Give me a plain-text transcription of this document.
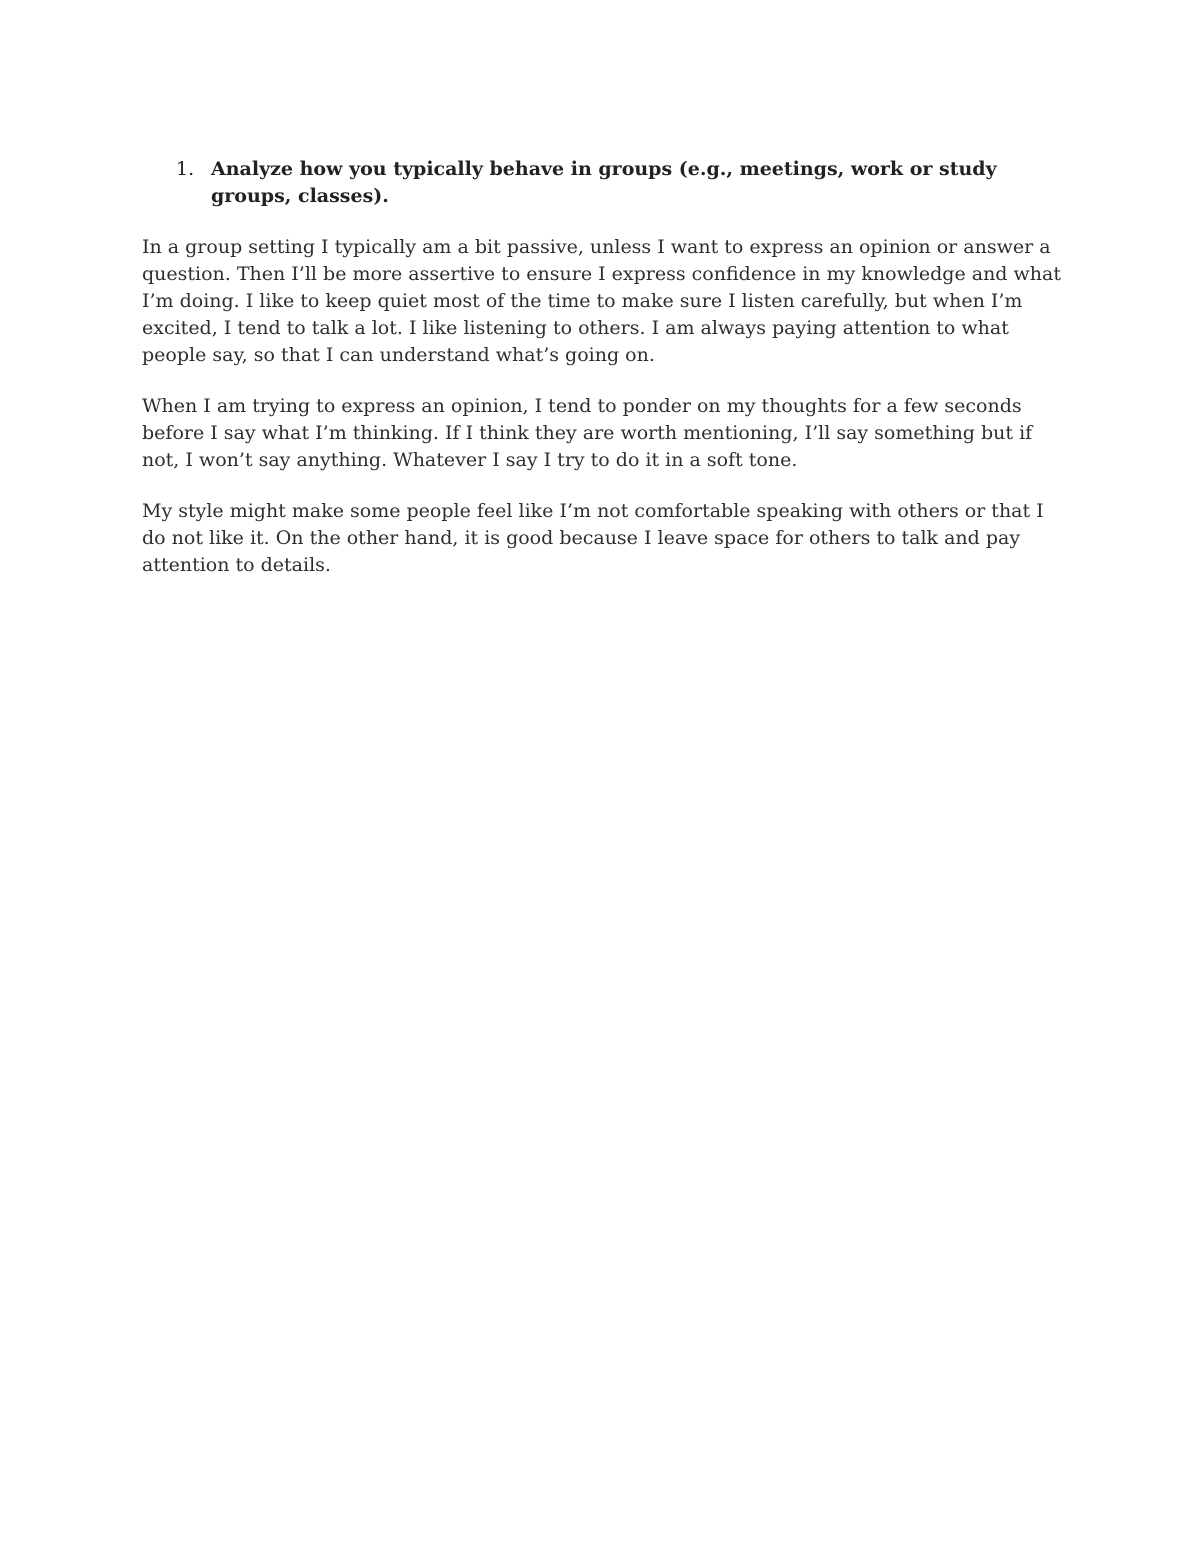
1. Analyze how you typically behave in groups (e.g., meetings, work or study groups, classes).

In a group setting I typically am a bit passive, unless I want to express an opinion or answer a question. Then I’ll be more assertive to ensure I express confidence in my knowledge and what I’m doing. I like to keep quiet most of the time to make sure I listen carefully, but when I’m excited, I tend to talk a lot. I like listening to others. I am always paying attention to what people say, so that I can understand what’s going on.

When I am trying to express an opinion, I tend to ponder on my thoughts for a few seconds before I say what I’m thinking. If I think they are worth mentioning, I’ll say something but if not, I won’t say anything. Whatever I say I try to do it in a soft tone.

My style might make some people feel like I’m not comfortable speaking with others or that I do not like it. On the other hand, it is good because I leave space for others to talk and pay attention to details.
